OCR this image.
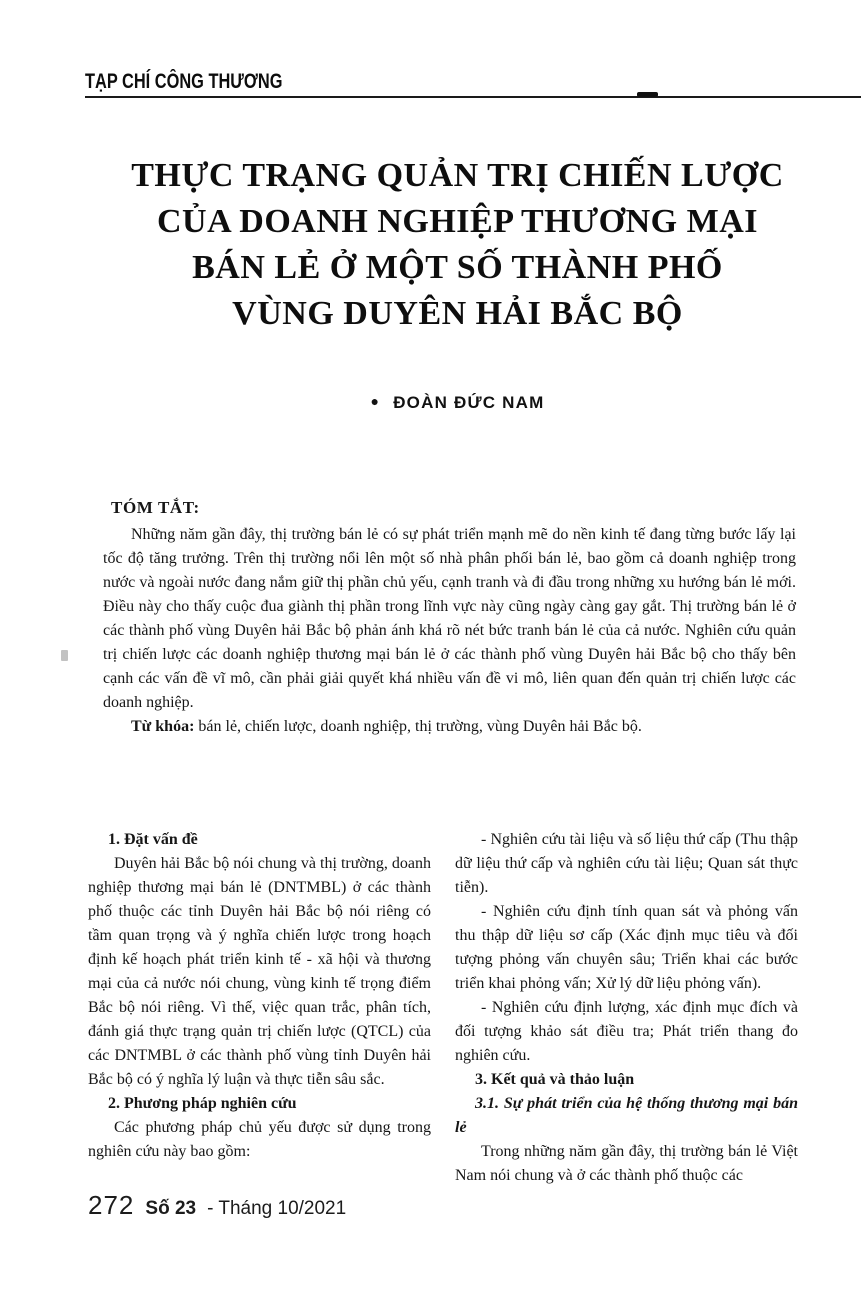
TẠP CHÍ CÔNG THƯƠNG
THỰC TRẠNG QUẢN TRỊ CHIẾN LƯỢC
CỦA DOANH NGHIỆP THƯƠNG MẠI
BÁN LẺ Ở MỘT SỐ THÀNH PHỐ
VÙNG DUYÊN HẢI BẮC BỘ
● ĐOÀN ĐỨC NAM
TÓM TẮT:

Những năm gần đây, thị trường bán lẻ có sự phát triển mạnh mẽ do nền kinh tế đang từng bước lấy lại tốc độ tăng trưởng. Trên thị trường nổi lên một số nhà phân phối bán lẻ, bao gồm cả doanh nghiệp trong nước và ngoài nước đang nắm giữ thị phần chủ yếu, cạnh tranh và đi đầu trong những xu hướng bán lẻ mới. Điều này cho thấy cuộc đua giành thị phần trong lĩnh vực này cũng ngày càng gay gắt. Thị trường bán lẻ ở các thành phố vùng Duyên hải Bắc bộ phản ánh khá rõ nét bức tranh bán lẻ của cả nước. Nghiên cứu quản trị chiến lược các doanh nghiệp thương mại bán lẻ ở các thành phố vùng Duyên hải Bắc bộ cho thấy bên cạnh các vấn đề vĩ mô, cần phải giải quyết khá nhiều vấn đề vi mô, liên quan đến quản trị chiến lược các doanh nghiệp.

Từ khóa: bán lẻ, chiến lược, doanh nghiệp, thị trường, vùng Duyên hải Bắc bộ.

1. Đặt vấn đề

Duyên hải Bắc bộ nói chung và thị trường, doanh nghiệp thương mại bán lẻ (DNTMBL) ở các thành phố thuộc các tỉnh Duyên hải Bắc bộ nói riêng có tầm quan trọng và ý nghĩa chiến lược trong hoạch định kế hoạch phát triển kinh tế - xã hội và thương mại của cả nước nói chung, vùng kinh tế trọng điểm Bắc bộ nói riêng. Vì thế, việc quan trắc, phân tích, đánh giá thực trạng quản trị chiến lược (QTCL) của các DNTMBL ở các thành phố vùng tỉnh Duyên hải Bắc bộ có ý nghĩa lý luận và thực tiễn sâu sắc.

2. Phương pháp nghiên cứu

Các phương pháp chủ yếu được sử dụng trong nghiên cứu này bao gồm:

- Nghiên cứu tài liệu và số liệu thứ cấp (Thu thập dữ liệu thứ cấp và nghiên cứu tài liệu; Quan sát thực tiễn).

- Nghiên cứu định tính quan sát và phỏng vấn thu thập dữ liệu sơ cấp (Xác định mục tiêu và đối tượng phỏng vấn chuyên sâu; Triển khai các bước triển khai phỏng vấn; Xử lý dữ liệu phỏng vấn).

- Nghiên cứu định lượng, xác định mục đích và đối tượng khảo sát điều tra; Phát triển thang đo nghiên cứu.

3. Kết quả và thảo luận
3.1. Sự phát triển của hệ thống thương mại bán lẻ

Trong những năm gần đây, thị trường bán lẻ Việt Nam nói chung và ở các thành phố thuộc các

272 Số 23 - Tháng 10/2021
